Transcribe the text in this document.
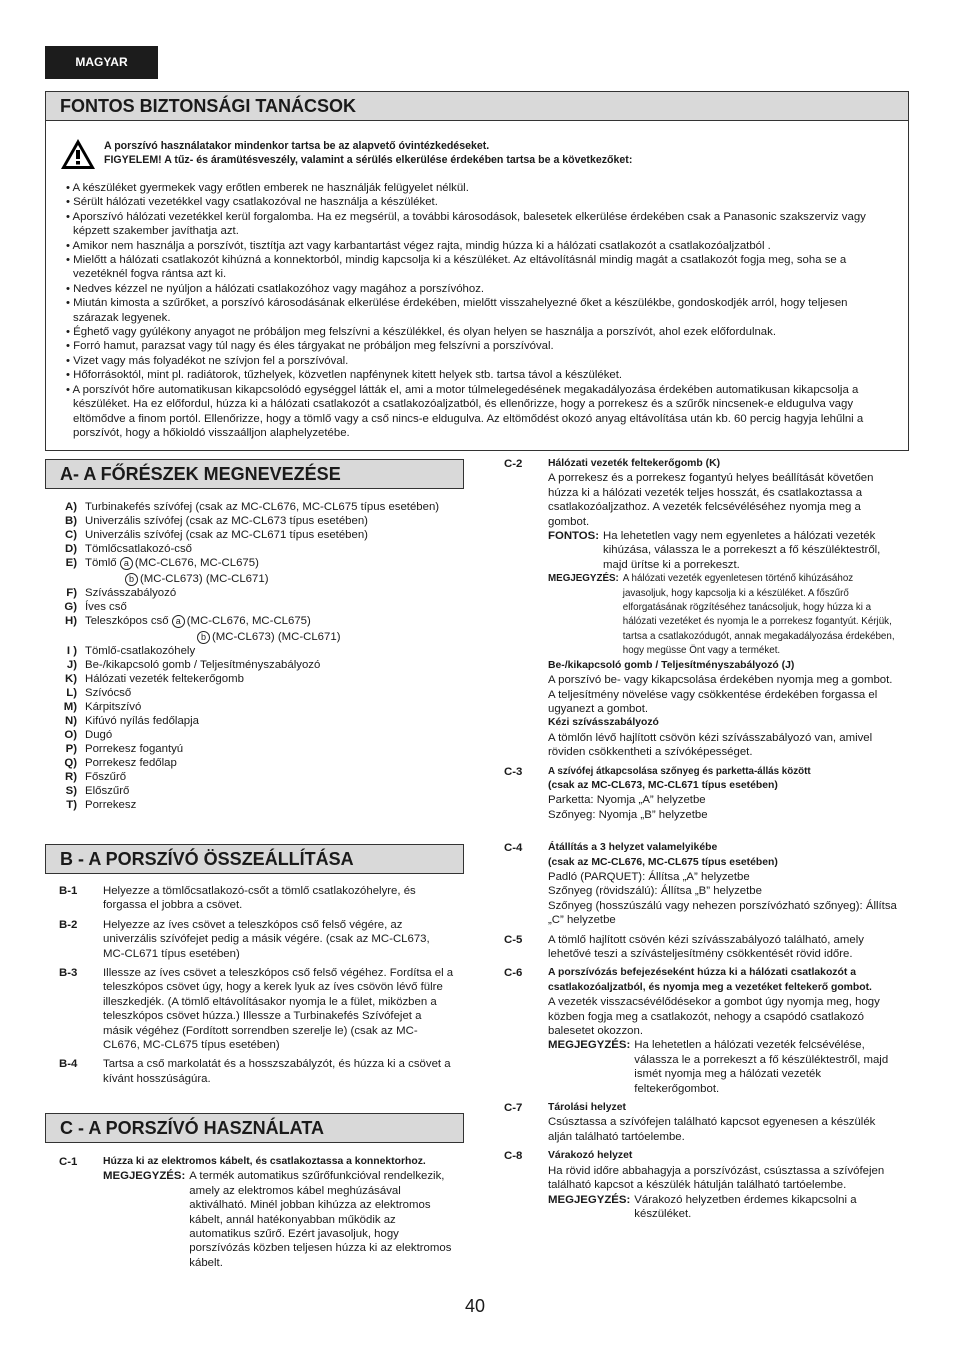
MAGYAR
FONTOS BIZTONSÁGI TANÁCSOK
A porszívó használatakor mindenkor tartsa be az alapvető óvintézkedéseket.
FIGYELEM! A tűz- és áramütésveszély, valamint a sérülés elkerülése érdekében tartsa be a következőket:
• A készüléket gyermekek vagy erőtlen emberek ne használják felügyelet nélkül.
• Sérült hálózati vezetékkel vagy csatlakozóval ne használja a készüléket.
• Aporszívó hálózati vezetékkel kerül forgalomba. Ha ez megsérül, a további károsodások, balesetek elkerülése érdekében csak a Panasonic szakszerviz vagy képzett szakember javíthatja azt.
• Amikor nem használja a porszívót, tisztítja azt vagy karbantartást végez rajta, mindig húzza ki a hálózati csatlakozót a csatlakozóaljzatból .
• Mielőtt a hálózati csatlakozót kihúzná a konnektorból, mindig kapcsolja ki a készüléket. Az eltávolításnál mindig magát a csatlakozót fogja meg, soha se a vezetéknél fogva rántsa azt ki.
• Nedves kézzel ne nyúljon a hálózati csatlakozóhoz vagy magához a porszívóhoz.
• Miután kimosta a szűrőket, a porszívó károsodásának elkerülése érdekében, mielőtt visszahelyezné őket a készülékbe, gondoskodjék arról, hogy teljesen szárazak legyenek.
• Éghető vagy gyúlékony anyagot ne próbáljon meg felszívni a készülékkel, és olyan helyen se használja a porszívót, ahol ezek előfordulnak.
• Forró hamut, parazsat vagy túl nagy és éles tárgyakat ne próbáljon meg felszívni a porszívóval.
• Vizet vagy más folyadékot ne szívjon fel a porszívóval.
• Hőforrásoktól, mint pl. radiátorok, tűzhelyek, közvetlen napfénynek kitett helyek stb. tartsa távol a készüléket.
• A porszívót hőre automatikusan kikapcsolódó egységgel látták el, ami a motor túlmelegedésének megakadályozása érdekében automatikusan kikapcsolja a készüléket. Ha ez előfordul, húzza ki a hálózati csatlakozót a csatlakozóaljzatból, és ellenőrizze, hogy a porrekesz és a szűrők nincsenek-e eldugulva vagy eltömődve a finom portól. Ellenőrizze, hogy a tömlő vagy a cső nincs-e eldugulva. Az eltömődést okozó anyag eltávolítása után kb. 60 percig hagyja lehűlni a porszívót, hogy a hőkioldó visszaálljon alaphelyzetébe.
A- A FŐRÉSZEK MEGNEVEZÉSE
A) Turbinakefés szívófej (csak az MC-CL676, MC-CL675 típus esetében)
B) Univerzális szívófej (csak az MC-CL673 típus esetében)
C) Univerzális szívófej (csak az MC-CL671 típus esetében)
D) Tömlőcsatlakozó-cső
E) Tömlő a (MC-CL676, MC-CL675)
b (MC-CL673) (MC-CL671)
F) Szívásszabályozó
G) Íves cső
H) Teleszkópos cső a (MC-CL676, MC-CL675)
b (MC-CL673) (MC-CL671)
I ) Tömlő-csatlakozóhely
J) Be-/kikapcsoló gomb / Teljesítményszabályozó
K) Hálózati vezeték feltekerőgomb
L) Szívócső
M) Kárpitszívó
N) Kifúvó nyílás fedőlapja
O) Dugó
P) Porrekesz fogantyú
Q) Porrekesz fedőlap
R) Főszűrő
S) Előszűrő
T) Porrekesz
B - A PORSZÍVÓ ÖSSZEÁLLÍTÁSA
B-1	Helyezze a tömlőcsatlakozó-csőt a tömlő csatlakozóhelyre, és forgassa el jobbra a csövet.
B-2	Helyezze az íves csövet a teleszkópos cső felső végére, az univerzális szívófejet pedig a másik végére. (csak az MC-CL673, MC-CL671 típus esetében)
B-3	Illessze az íves csövet a teleszkópos cső felső végéhez. Fordítsa el a teleszkópos csövet úgy, hogy a kerek lyuk az íves csövön lévő fülre illeszkedjék. (A tömlő eltávolításakor nyomja le a fület, miközben a teleszkópos csövet húzza.) Illessze a Turbinakefés Szívófejet a másik végéhez (Fordított sorrendben szerelje le) (csak az MC-CL676, MC-CL675 típus esetében)
B-4	Tartsa a cső markolatát és a hosszszabályzót, és húzza ki a csövet a kívánt hosszúságúra.
C - A PORSZÍVÓ HASZNÁLATA
C-1	Húzza ki az elektromos kábelt, és csatlakoztassa a konnektorhoz.
MEGJEGYZÉS: A termék automatikus szűrőfunkcióval rendelkezik, amely az elektromos kábel meghúzásával aktiválható. Minél jobban kihúzza az elektromos kábelt, annál hatékonyabban működik az automatikus szűrő. Ezért javasoljuk, hogy porszívózás közben teljesen húzza ki az elektromos kábelt.
C-2	Hálózati vezeték feltekerőgomb (K)
A porrekesz és a porrekesz fogantyú helyes beállítását követően húzza ki a hálózati vezeték teljes hosszát, és csatlakoztassa a csatlakozóaljzathoz. A vezeték felcsévéléséhez nyomja meg a gombot.
FONTOS: Ha lehetetlen vagy nem egyenletes a hálózati vezeték kihúzása, válassza le a porrekeszt a fő készüléktestről, majd ürítse ki a porrekeszt.
MEGJEGYZÉS: A hálózati vezeték egyenletesen történő kihúzásához javasoljuk, hogy kapcsolja ki a készüléket. A főszűrő elforgatásának rögzítéséhez tanácsoljuk, hogy húzza ki a hálózati vezetéket és nyomja le a porrekesz fogantyút. Kérjük, tartsa a csatlakozódugót, annak megakadályozása érdekében, hogy megüsse Önt vagy a terméket.
Be-/kikapcsoló gomb / Teljesítményszabályozó (J)
A porszívó be- vagy kikapcsolása érdekében nyomja meg a gombot. A teljesítmény növelése vagy csökkentése érdekében forgassa el ugyanezt a gombot.
Kézi szívásszabályozó
A tömlőn lévő hajlított csövön kézi szívásszabályozó van, amivel röviden csökkentheti a szívóképességet.
C-3	A szívófej átkapcsolása szőnyeg és parketta-állás között
(csak az MC-CL673, MC-CL671 típus esetében)
Parketta: Nyomja „A” helyzetbe
Szőnyeg: Nyomja „B” helyzetbe
C-4	Átállítás a 3 helyzet valamelyikébe
(csak az MC-CL676, MC-CL675 típus esetében)
Padló (PARQUET): Állítsa „A” helyzetbe
Szőnyeg (rövidszálú): Állítsa „B” helyzetbe
Szőnyeg (hosszúszálú vagy nehezen porszívózható szőnyeg): Állítsa „C” helyzetbe
C-5	A tömlő hajlított csövén kézi szívásszabályozó található, amely lehetővé teszi a szívásteljesítmény csökkentését rövid időre.
C-6	A porszívózás befejezéseként húzza ki a hálózati csatlakozót a csatlakozóaljzatból, és nyomja meg a vezetéket feltekerő gombot.
A vezeték visszacsévélődésekor a gombot úgy nyomja meg, hogy közben fogja meg a csatlakozót, nehogy a csapódó csatlakozó balesetet okozzon.
MEGJEGYZÉS: Ha lehetetlen a hálózati vezeték felcsévélése, válassza le a porrekeszt a fő készüléktestről, majd ismét nyomja meg a hálózati vezeték feltekerőgombot.
C-7	Tárolási helyzet
Csúsztassa a szívófejen található kapcsot egyenesen a készülék alján található tartóelembe.
C-8	Várakozó helyzet
Ha rövid időre abbahagyja a porszívózást, csúsztassa a szívófejen található kapcsot a készülék hátulján található tartóelembe.
MEGJEGYZÉS: Várakozó helyzetben érdemes kikapcsolni a készüléket.
40
